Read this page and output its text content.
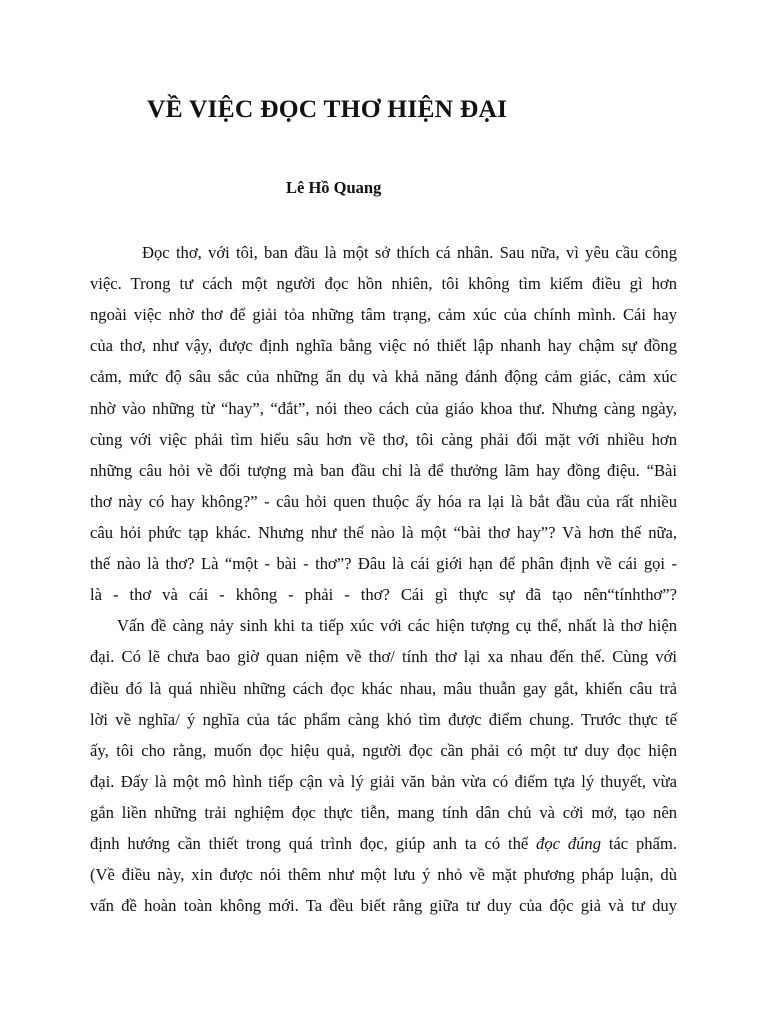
VỀ VIỆC ĐỌC THƠ HIỆN ĐẠI

Lê Hồ Quang

Đọc thơ, với tôi, ban đầu là một sở thích cá nhân. Sau nữa, vì yêu cầu công
việc. Trong tư cách một người đọc hồn nhiên, tôi không tìm kiếm điều gì hơn
ngoài việc nhờ thơ để giải tỏa những tâm trạng, cảm xúc của chính mình. Cái hay
của thơ, như vậy, được định nghĩa bằng việc nó thiết lập nhanh hay chậm sự đồng
cảm, mức độ sâu sắc của những ẩn dụ và khả năng đánh động cảm giác, cảm xúc
nhờ vào những từ “hay”, “đắt”, nói theo cách của giáo khoa thư. Nhưng càng ngày,
cùng với việc phải tìm hiểu sâu hơn về thơ, tôi càng phải đối mặt với nhiều hơn
những câu hỏi về đối tượng mà ban đầu chỉ là để thưởng lãm hay đồng điệu. “Bài
thơ này có hay không?” - câu hỏi quen thuộc ấy hóa ra lại là bắt đầu của rất nhiều
câu hỏi phức tạp khác. Nhưng như thế nào là một “bài thơ hay”? Và hơn thế nữa,
thế nào là thơ? Là “một - bài - thơ”? Đâu là cái giới hạn để phân định về cái gọi -
là - thơ và cái - không - phải - thơ? Cái gì thực sự đã tạo nên“tínhthơ”?
Vấn đề càng nảy sinh khi ta tiếp xúc với các hiện tượng cụ thể, nhất là thơ hiện
đại. Có lẽ chưa bao giờ quan niệm về thơ/ tính thơ lại xa nhau đến thế. Cùng với
điều đó là quá nhiều những cách đọc khác nhau, mâu thuẫn gay gắt, khiến câu trả
lời về nghĩa/ ý nghĩa của tác phẩm càng khó tìm được điểm chung. Trước thực tế
ấy, tôi cho rằng, muốn đọc hiệu quả, người đọc cần phải có một tư duy đọc hiện
đại. Đấy là một mô hình tiếp cận và lý giải văn bản vừa có điểm tựa lý thuyết, vừa
gắn liền những trải nghiệm đọc thực tiễn, mang tính dân chủ và cởi mở, tạo nên
định hướng cần thiết trong quá trình đọc, giúp anh ta có thể đọc đúng tác phẩm.
(Về điều này, xin được nói thêm như một lưu ý nhỏ về mặt phương pháp luận, dù
vấn đề hoàn toàn không mới. Ta đều biết rằng giữa tư duy của độc giả và tư duy
